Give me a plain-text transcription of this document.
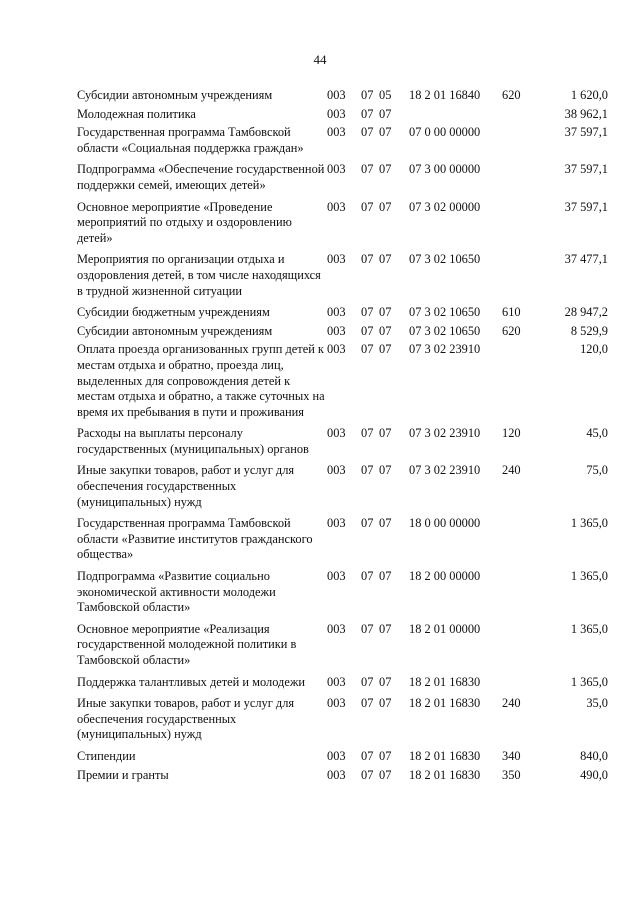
44
Субсидии автономным учреждениям	003	07	05	18 2 01 16840	620	1 620,0
Молодежная политика	003	07	07			38 962,1
Государственная программа Тамбовской области «Социальная поддержка граждан»	003	07	07	07 0 00 00000		37 597,1
Подпрограмма «Обеспечение государственной поддержки семей, имеющих детей»	003	07	07	07 3 00 00000		37 597,1
Основное мероприятие «Проведение мероприятий по отдыху и оздоровлению детей»	003	07	07	07 3 02 00000		37 597,1
Мероприятия по организации отдыха и оздоровления детей, в том числе находящихся в трудной жизненной ситуации	003	07	07	07 3 02 10650		37 477,1
Субсидии бюджетным учреждениям	003	07	07	07 3 02 10650	610	28 947,2
Субсидии автономным учреждениям	003	07	07	07 3 02 10650	620	8 529,9
Оплата проезда организованных групп детей к местам отдыха и обратно, проезда лиц, выделенных для сопровождения детей к местам отдыха и обратно, а также суточных на время их пребывания в пути и проживания	003	07	07	07 3 02 23910		120,0
Расходы на выплаты персоналу государственных (муниципальных) органов	003	07	07	07 3 02 23910	120	45,0
Иные закупки товаров, работ и услуг для обеспечения государственных (муниципальных) нужд	003	07	07	07 3 02 23910	240	75,0
Государственная программа Тамбовской области «Развитие институтов гражданского общества»	003	07	07	18 0 00 00000		1 365,0
Подпрограмма «Развитие социально экономической активности молодежи Тамбовской области»	003	07	07	18 2 00 00000		1 365,0
Основное мероприятие «Реализация государственной молодежной политики в Тамбовской области»	003	07	07	18 2 01 00000		1 365,0
Поддержка талантливых детей и молодежи	003	07	07	18 2 01 16830		1 365,0
Иные закупки товаров, работ и услуг для обеспечения государственных (муниципальных) нужд	003	07	07	18 2 01 16830	240	35,0
Стипендии	003	07	07	18 2 01 16830	340	840,0
Премии и гранты	003	07	07	18 2 01 16830	350	490,0
